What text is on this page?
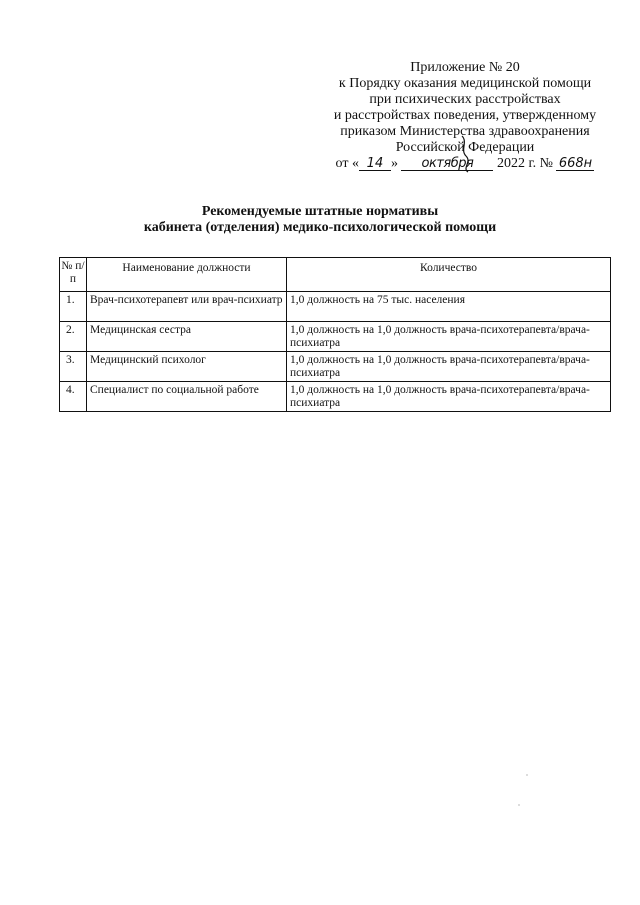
Приложение № 20
к Порядку оказания медицинской помощи
при психических расстройствах
и расстройствах поведения, утвержденному
приказом Министерства здравоохранения
Российской Федерации
от « 14 » октября 2022 г. № 668н
Рекомендуемые штатные нормативы
кабинета (отделения) медико-психологической помощи
№ п/п	Наименование должности	Количество
1.	Врач-психотерапевт или врач-психиатр	1,0 должность на 75 тыс. населения
2.	Медицинская сестра	1,0 должность на 1,0 должность врача-психотерапевта/врача-психиатра
3.	Медицинский психолог	1,0 должность на 1,0 должность врача-психотерапевта/врача-психиатра
4.	Специалист по социальной работе	1,0 должность на 1,0 должность врача-психотерапевта/врача-психиатра
